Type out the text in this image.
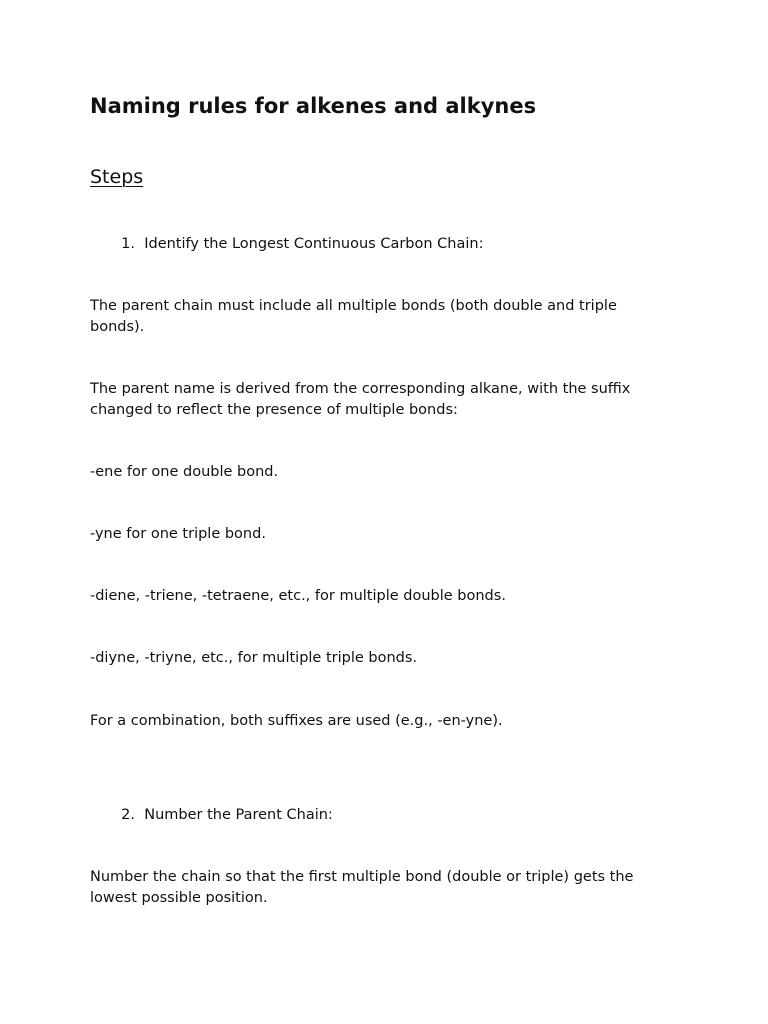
Naming rules for alkenes and alkynes
Steps
1. Identify the Longest Continuous Carbon Chain:

The parent chain must include all multiple bonds (both double and triple bonds).

The parent name is derived from the corresponding alkane, with the suffix changed to reflect the presence of multiple bonds:

-ene for one double bond.

-yne for one triple bond.

-diene, -triene, -tetraene, etc., for multiple double bonds.

-diyne, -triyne, etc., for multiple triple bonds.

For a combination, both suffixes are used (e.g., -en-yne).

2. Number the Parent Chain:

Number the chain so that the first multiple bond (double or triple) gets the lowest possible position.
